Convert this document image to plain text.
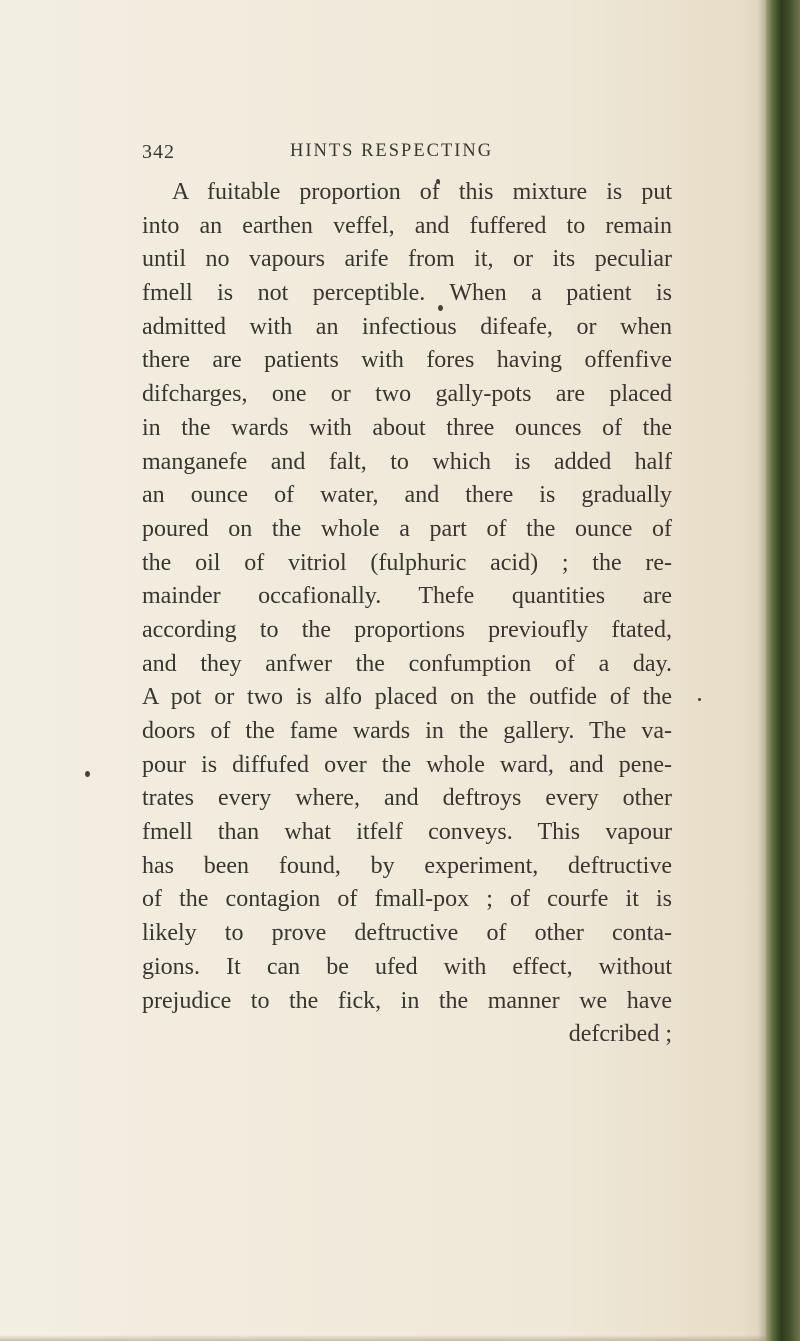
342	HINTS RESPECTING
A fuitable proportion of this mixture is put
into an earthen veffel, and fuffered to remain
until no vapours arife from it, or its peculiar
fmell is not perceptible. When a patient is
admitted with an infectious difeafe, or when
there are patients with fores having offenfive
difcharges, one or two gally-pots are placed
in the wards with about three ounces of the
manganefe and falt, to which is added half
an ounce of water, and there is gradually
poured on the whole a part of the ounce of
the oil of vitriol (fulphuric acid) ; the re-
mainder occafionally. Thefe quantities are
according to the proportions previoufly ftated,
and they anfwer the confumption of a day.
A pot or two is alfo placed on the outfide of the
doors of the fame wards in the gallery. The va-
pour is diffufed over the whole ward, and pene-
trates every where, and deftroys every other
fmell than what itfelf conveys. This vapour
has been found, by experiment, deftructive
of the contagion of fmall-pox ; of courfe it is
likely to prove deftructive of other conta-
gions. It can be ufed with effect, without
prejudice to the fick, in the manner we have
defcribed ;
